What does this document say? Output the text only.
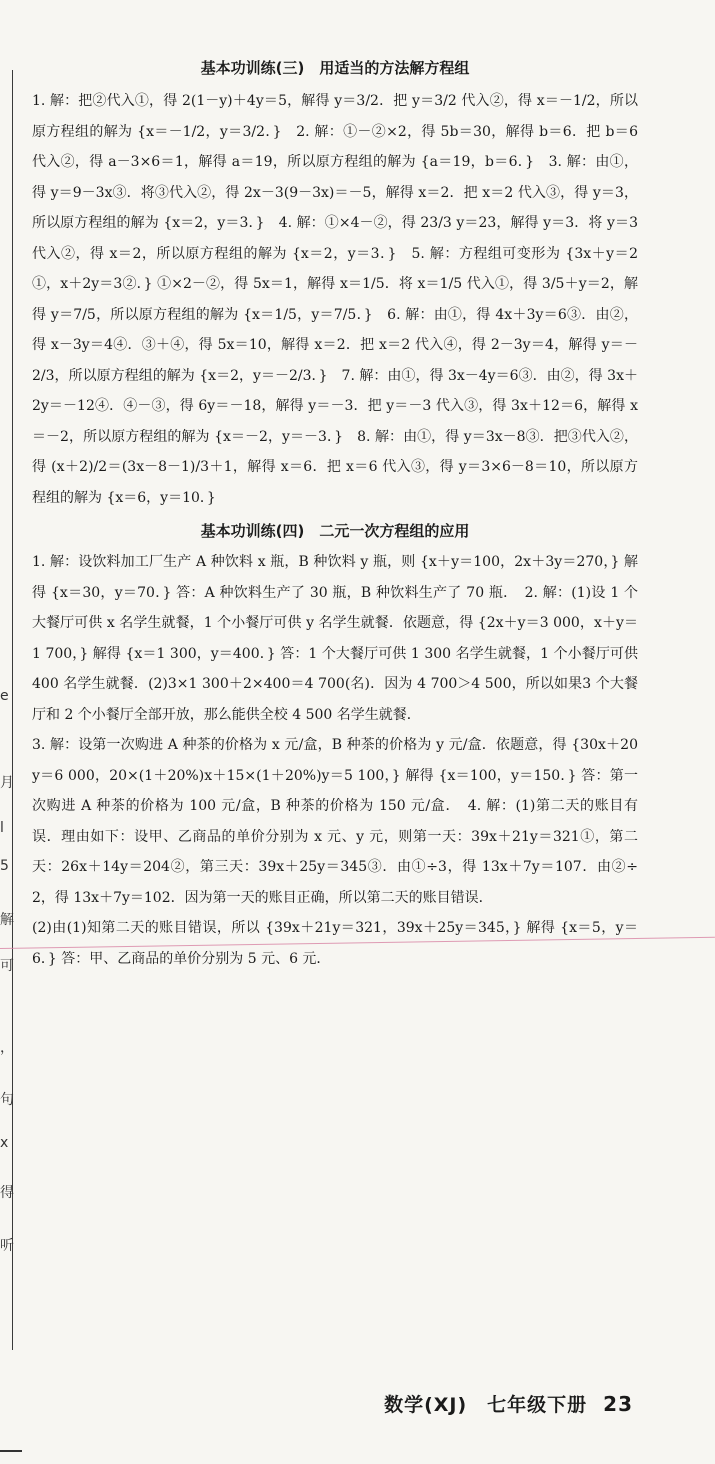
e
月
l
5
解
可
，
句
x
得
听
基本功训练(三)　用适当的方法解方程组

1. 解：把②代入①，得 2(1－y)＋4y＝5，解得 y＝3/2．把 y＝3/2 代入②，得 x＝－1/2，所以原方程组的解为 {x＝－1/2，y＝3/2．}　2. 解：①－②×2，得 5b＝30，解得 b＝6．把 b＝6 代入②，得 a－3×6＝1，解得 a＝19，所以原方程组的解为 {a＝19，b＝6．}　3. 解：由①，得 y＝9－3x③．将③代入②，得 2x－3(9－3x)＝－5，解得 x＝2．把 x＝2 代入③，得 y＝3，所以原方程组的解为 {x＝2，y＝3．}　4. 解：①×4－②，得 23/3 y＝23，解得 y＝3．将 y＝3 代入②，得 x＝2，所以原方程组的解为 {x＝2，y＝3．}　5. 解：方程组可变形为 {3x＋y＝2①，x＋2y＝3②．} ①×2－②，得 5x＝1，解得 x＝1/5．将 x＝1/5 代入①，得 3/5＋y＝2，解得 y＝7/5，所以原方程组的解为 {x＝1/5，y＝7/5．}　6. 解：由①，得 4x＋3y＝6③．由②，得 x－3y＝4④．③＋④，得 5x＝10，解得 x＝2．把 x＝2 代入④，得 2－3y＝4，解得 y＝－2/3，所以原方程组的解为 {x＝2，y＝－2/3．}　7. 解：由①，得 3x－4y＝6③．由②，得 3x＋2y＝－12④．④－③，得 6y＝－18，解得 y＝－3．把 y＝－3 代入③，得 3x＋12＝6，解得 x＝－2，所以原方程组的解为 {x＝－2，y＝－3．}　8. 解：由①，得 y＝3x－8③．把③代入②，得 (x＋2)/2＝(3x－8－1)/3＋1，解得 x＝6．把 x＝6 代入③，得 y＝3×6－8＝10，所以原方程组的解为 {x＝6，y＝10．}

基本功训练(四)　二元一次方程组的应用

1. 解：设饮料加工厂生产 A 种饮料 x 瓶，B 种饮料 y 瓶，则 {x＋y＝100，2x＋3y＝270，} 解得 {x＝30，y＝70．} 答：A 种饮料生产了 30 瓶，B 种饮料生产了 70 瓶．　2. 解：(1)设 1 个大餐厅可供 x 名学生就餐，1 个小餐厅可供 y 名学生就餐．依题意，得 {2x＋y＝3 000，x＋y＝1 700，} 解得 {x＝1 300，y＝400．} 答：1 个大餐厅可供 1 300 名学生就餐，1 个小餐厅可供 400 名学生就餐．(2)3×1 300＋2×400＝4 700(名)．因为 4 700＞4 500，所以如果3 个大餐厅和 2 个小餐厅全部开放，那么能供全校 4 500 名学生就餐．

3. 解：设第一次购进 A 种茶的价格为 x 元/盒，B 种茶的价格为 y 元/盒．依题意，得 {30x＋20y＝6 000，20×(1＋20%)x＋15×(1＋20%)y＝5 100，} 解得 {x＝100，y＝150．} 答：第一次购进 A 种茶的价格为 100 元/盒，B 种茶的价格为 150 元/盒．　4. 解：(1)第二天的账目有误．理由如下：设甲、乙商品的单价分别为 x 元、y 元，则第一天：39x＋21y＝321①，第二天：26x＋14y＝204②，第三天：39x＋25y＝345③．由①÷3，得 13x＋7y＝107．由②÷2，得 13x＋7y＝102．因为第一天的账目正确，所以第二天的账目错误．

(2)由(1)知第二天的账目错误，所以 {39x＋21y＝321，39x＋25y＝345，} 解得 {x＝5，y＝6．} 答：甲、乙商品的单价分别为 5 元、6 元．

数学(XJ)　七年级下册 23
